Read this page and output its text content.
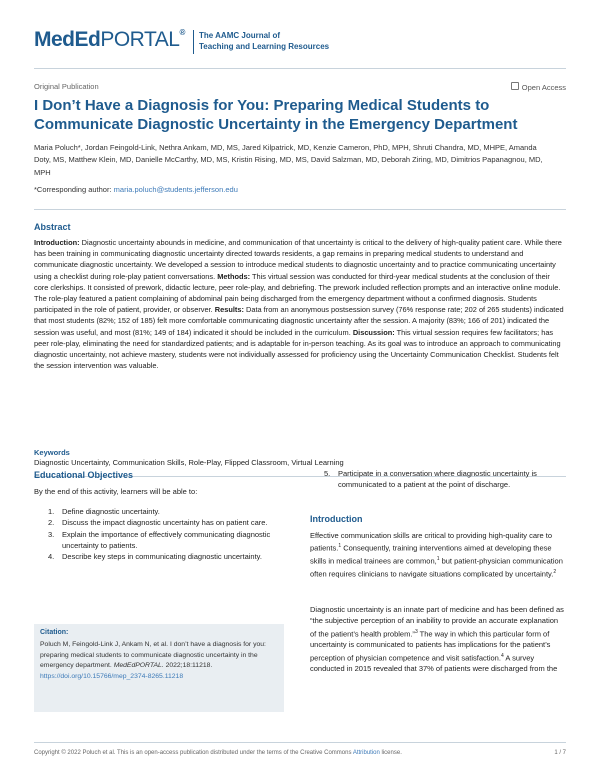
MedEdPORTAL® The AAMC Journal of
Teaching and Learning Resources
Original Publication	Open Access
I Don’t Have a Diagnosis for You: Preparing Medical Students to Communicate Diagnostic Uncertainty in the Emergency Department
Maria Poluch*, Jordan Feingold-Link, Nethra Ankam, MD, MS, Jared Kilpatrick, MD, Kenzie Cameron, PhD, MPH, Shruti Chandra, MD, MHPE, Amanda Doty, MS, Matthew Klein, MD, Danielle McCarthy, MD, MS, Kristin Rising, MD, MS, David Salzman, MD, Deborah Ziring, MD, Dimitrios Papanagnou, MD, MPH
*Corresponding author: maria.poluch@students.jefferson.edu
Abstract
Introduction: Diagnostic uncertainty abounds in medicine, and communication of that uncertainty is critical to the delivery of high-quality patient care. While there has been training in communicating diagnostic uncertainty directed towards residents, a gap remains in preparing medical students to understand and communicate diagnostic uncertainty. We developed a session to introduce medical students to diagnostic uncertainty and to practice communicating uncertainty using a checklist during role-play patient conversations. Methods: This virtual session was conducted for third-year medical students at the conclusion of their core clerkships. It consisted of prework, didactic lecture, peer role-play, and debriefing. The prework included reflection prompts and an interactive online module. The role-play featured a patient complaining of abdominal pain being discharged from the emergency department without a confirmed diagnosis. Students participated in the role of patient, provider, or observer. Results: Data from an anonymous postsession survey (76% response rate; 202 of 265 students) indicated that most students (82%; 152 of 185) felt more comfortable communicating diagnostic uncertainty after the session. A majority (83%; 166 of 201) indicated the session was useful, and most (81%; 149 of 184) indicated it should be included in the curriculum. Discussion: This virtual session requires few facilitators; has peer role-play, eliminating the need for standardized patients; and is adaptable for in-person teaching. As its goal was to introduce an approach to communicating diagnostic uncertainty, not achieve mastery, students were not individually assessed for proficiency using the Uncertainty Communication Checklist. Students felt the session intervention was valuable.
Keywords
Diagnostic Uncertainty, Communication Skills, Role-Play, Flipped Classroom, Virtual Learning
Educational Objectives
By the end of this activity, learners will be able to:
1. Define diagnostic uncertainty.
2. Discuss the impact diagnostic uncertainty has on patient care.
3. Explain the importance of effectively communicating diagnostic uncertainty to patients.
4. Describe key steps in communicating diagnostic uncertainty.
Citation:
Poluch M, Feingold-Link J, Ankam N, et al. I don’t have a diagnosis for you: preparing medical students to communicate diagnostic uncertainty in the emergency department. MedEdPORTAL. 2022;18:11218. https://doi.org/10.15766/mep_2374-8265.11218
5. Participate in a conversation where diagnostic uncertainty is communicated to a patient at the point of discharge.
Introduction
Effective communication skills are critical to providing high-quality care to patients.$^1$ Consequently, training interventions aimed at developing these skills in medical trainees are common,$^1$ but patient-physician communication often requires clinicians to navigate situations complicated by uncertainty.$^2$
Diagnostic uncertainty is an innate part of medicine and has been defined as “the subjective perception of an inability to provide an accurate explanation of the patient’s health problem.”$^3$ The way in which this particular form of uncertainty is communicated to patients has implications for the patient’s perception of physician competence and visit satisfaction.$^4$ A survey conducted in 2015 revealed that 37% of patients were discharged from the
Copyright © 2022 Poluch et al. This is an open-access publication distributed under the terms of the Creative Commons Attribution license.	1 / 7
